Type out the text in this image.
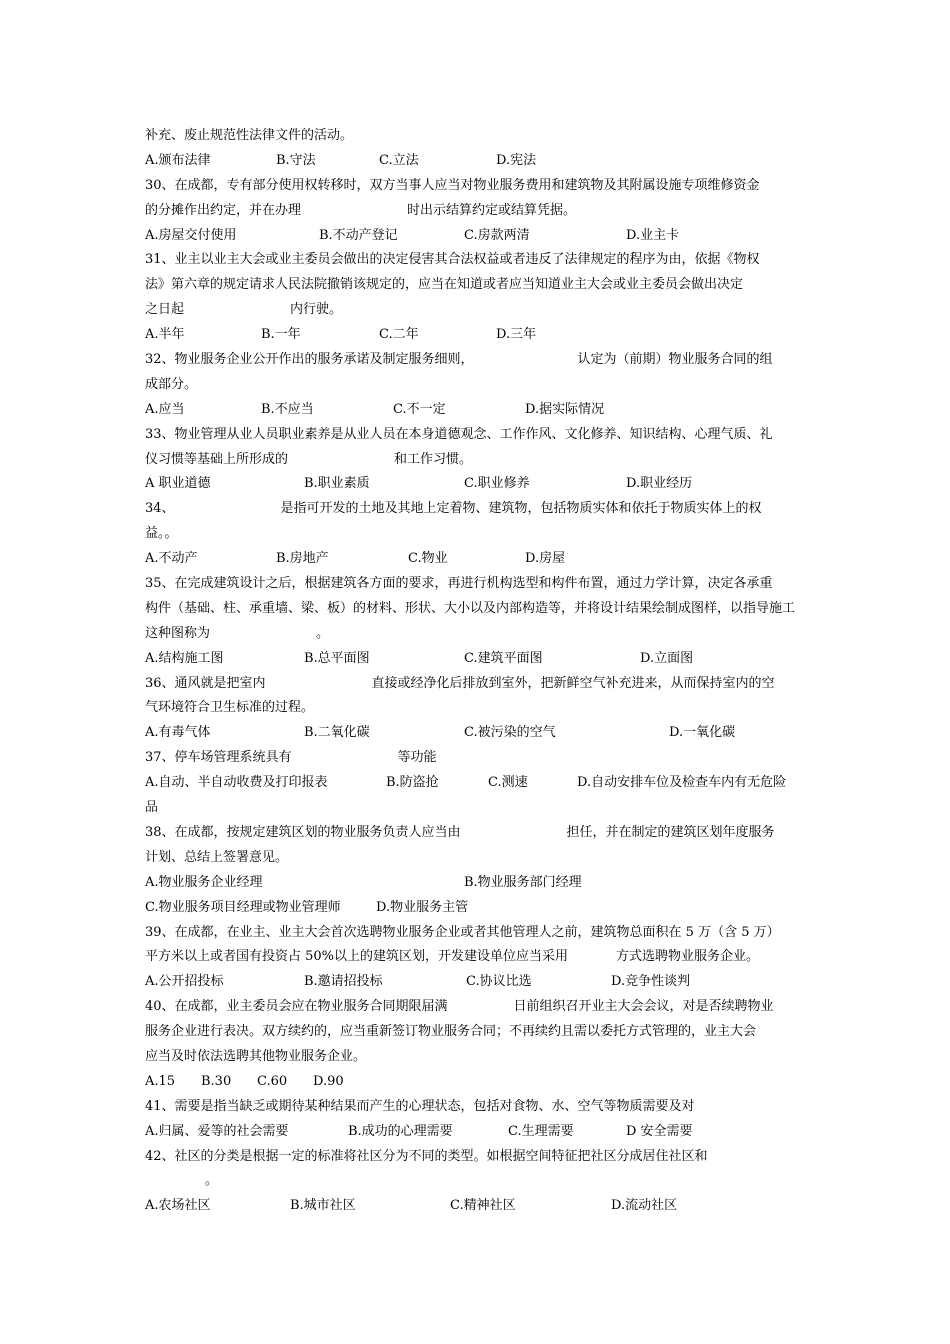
补充、废止规范性法律文件的活动。
A.颁布法律	B.守法	C.立法	D.宪法
30、在成都，专有部分使用权转移时，双方当事人应当对物业服务费用和建筑物及其附属设施专项维修资金
的分摊作出约定，并在办理	时出示结算约定或结算凭据。
A.房屋交付使用	B.不动产登记	C.房款两清	D.业主卡
31、业主以业主大会或业主委员会做出的决定侵害其合法权益或者违反了法律规定的程序为由，依据《物权
法》第六章的规定请求人民法院撤销该规定的，应当在知道或者应当知道业主大会或业主委员会做出决定
之日起	内行驶。
A.半年	B.一年	C.二年	D.三年
32、物业服务企业公开作出的服务承诺及制定服务细则，	认定为（前期）物业服务合同的组
成部分。
A.应当	B.不应当	C.不一定	D.据实际情况
33、物业管理从业人员职业素养是从业人员在本身道德观念、工作作风、文化修养、知识结构、心理气质、礼
仪习惯等基础上所形成的	和工作习惯。
A 职业道德	B.职业素质	C.职业修养	D.职业经历
34、	是指可开发的土地及其地上定着物、建筑物，包括物质实体和依托于物质实体上的权
益。。
A.不动产	B.房地产	C.物业	D.房屋
35、在完成建筑设计之后，根据建筑各方面的要求，再进行机构选型和构件布置，通过力学计算，决定各承重
构件（基础、柱、承重墙、梁、板）的材料、形状、大小以及内部构造等，并将设计结果绘制成图样，以指导施工
这种图称为	。
A.结构施工图	B.总平面图	C.建筑平面图	D.立面图
36、通风就是把室内	直接或经净化后排放到室外，把新鲜空气补充进来，从而保持室内的空
气环境符合卫生标准的过程。
A.有毒气体	B.二氧化碳	C.被污染的空气	D.一氧化碳
37、停车场管理系统具有	等功能
A.自动、半自动收费及打印报表	B.防盗抢	C.测速	D.自动安排车位及检查车内有无危险
品
38、在成都，按规定建筑区划的物业服务负责人应当由	担任，并在制定的建筑区划年度服务
计划、总结上签署意见。
A.物业服务企业经理	B.物业服务部门经理
C.物业服务项目经理或物业管理师	D.物业服务主管
39、在成都，在业主、业主大会首次选聘物业服务企业或者其他管理人之前，建筑物总面积在 5 万（含 5 万）
平方米以上或者国有投资占 50%以上的建筑区划，开发建设单位应当采用	方式选聘物业服务企业。
A.公开招投标	B.邀请招投标	C.协议比选	D.竞争性谈判
40、在成都，业主委员会应在物业服务合同期限届满	日前组织召开业主大会会议，对是否续聘物业
服务企业进行表决。双方续约的，应当重新签订物业服务合同；不再续约且需以委托方式管理的，业主大会
应当及时依法选聘其他物业服务企业。
A.15 B.30 C.60 D.90
41、需要是指当缺乏或期待某种结果而产生的心理状态，包括对食物、水、空气等物质需要及对
A.归属、爱等的社会需要	B.成功的心理需要	C.生理需要	D 安全需要
42、社区的分类是根据一定的标准将社区分为不同的类型。如根据空间特征把社区分成居住社区和
。
A.农场社区	B.城市社区	C.精神社区	D.流动社区
